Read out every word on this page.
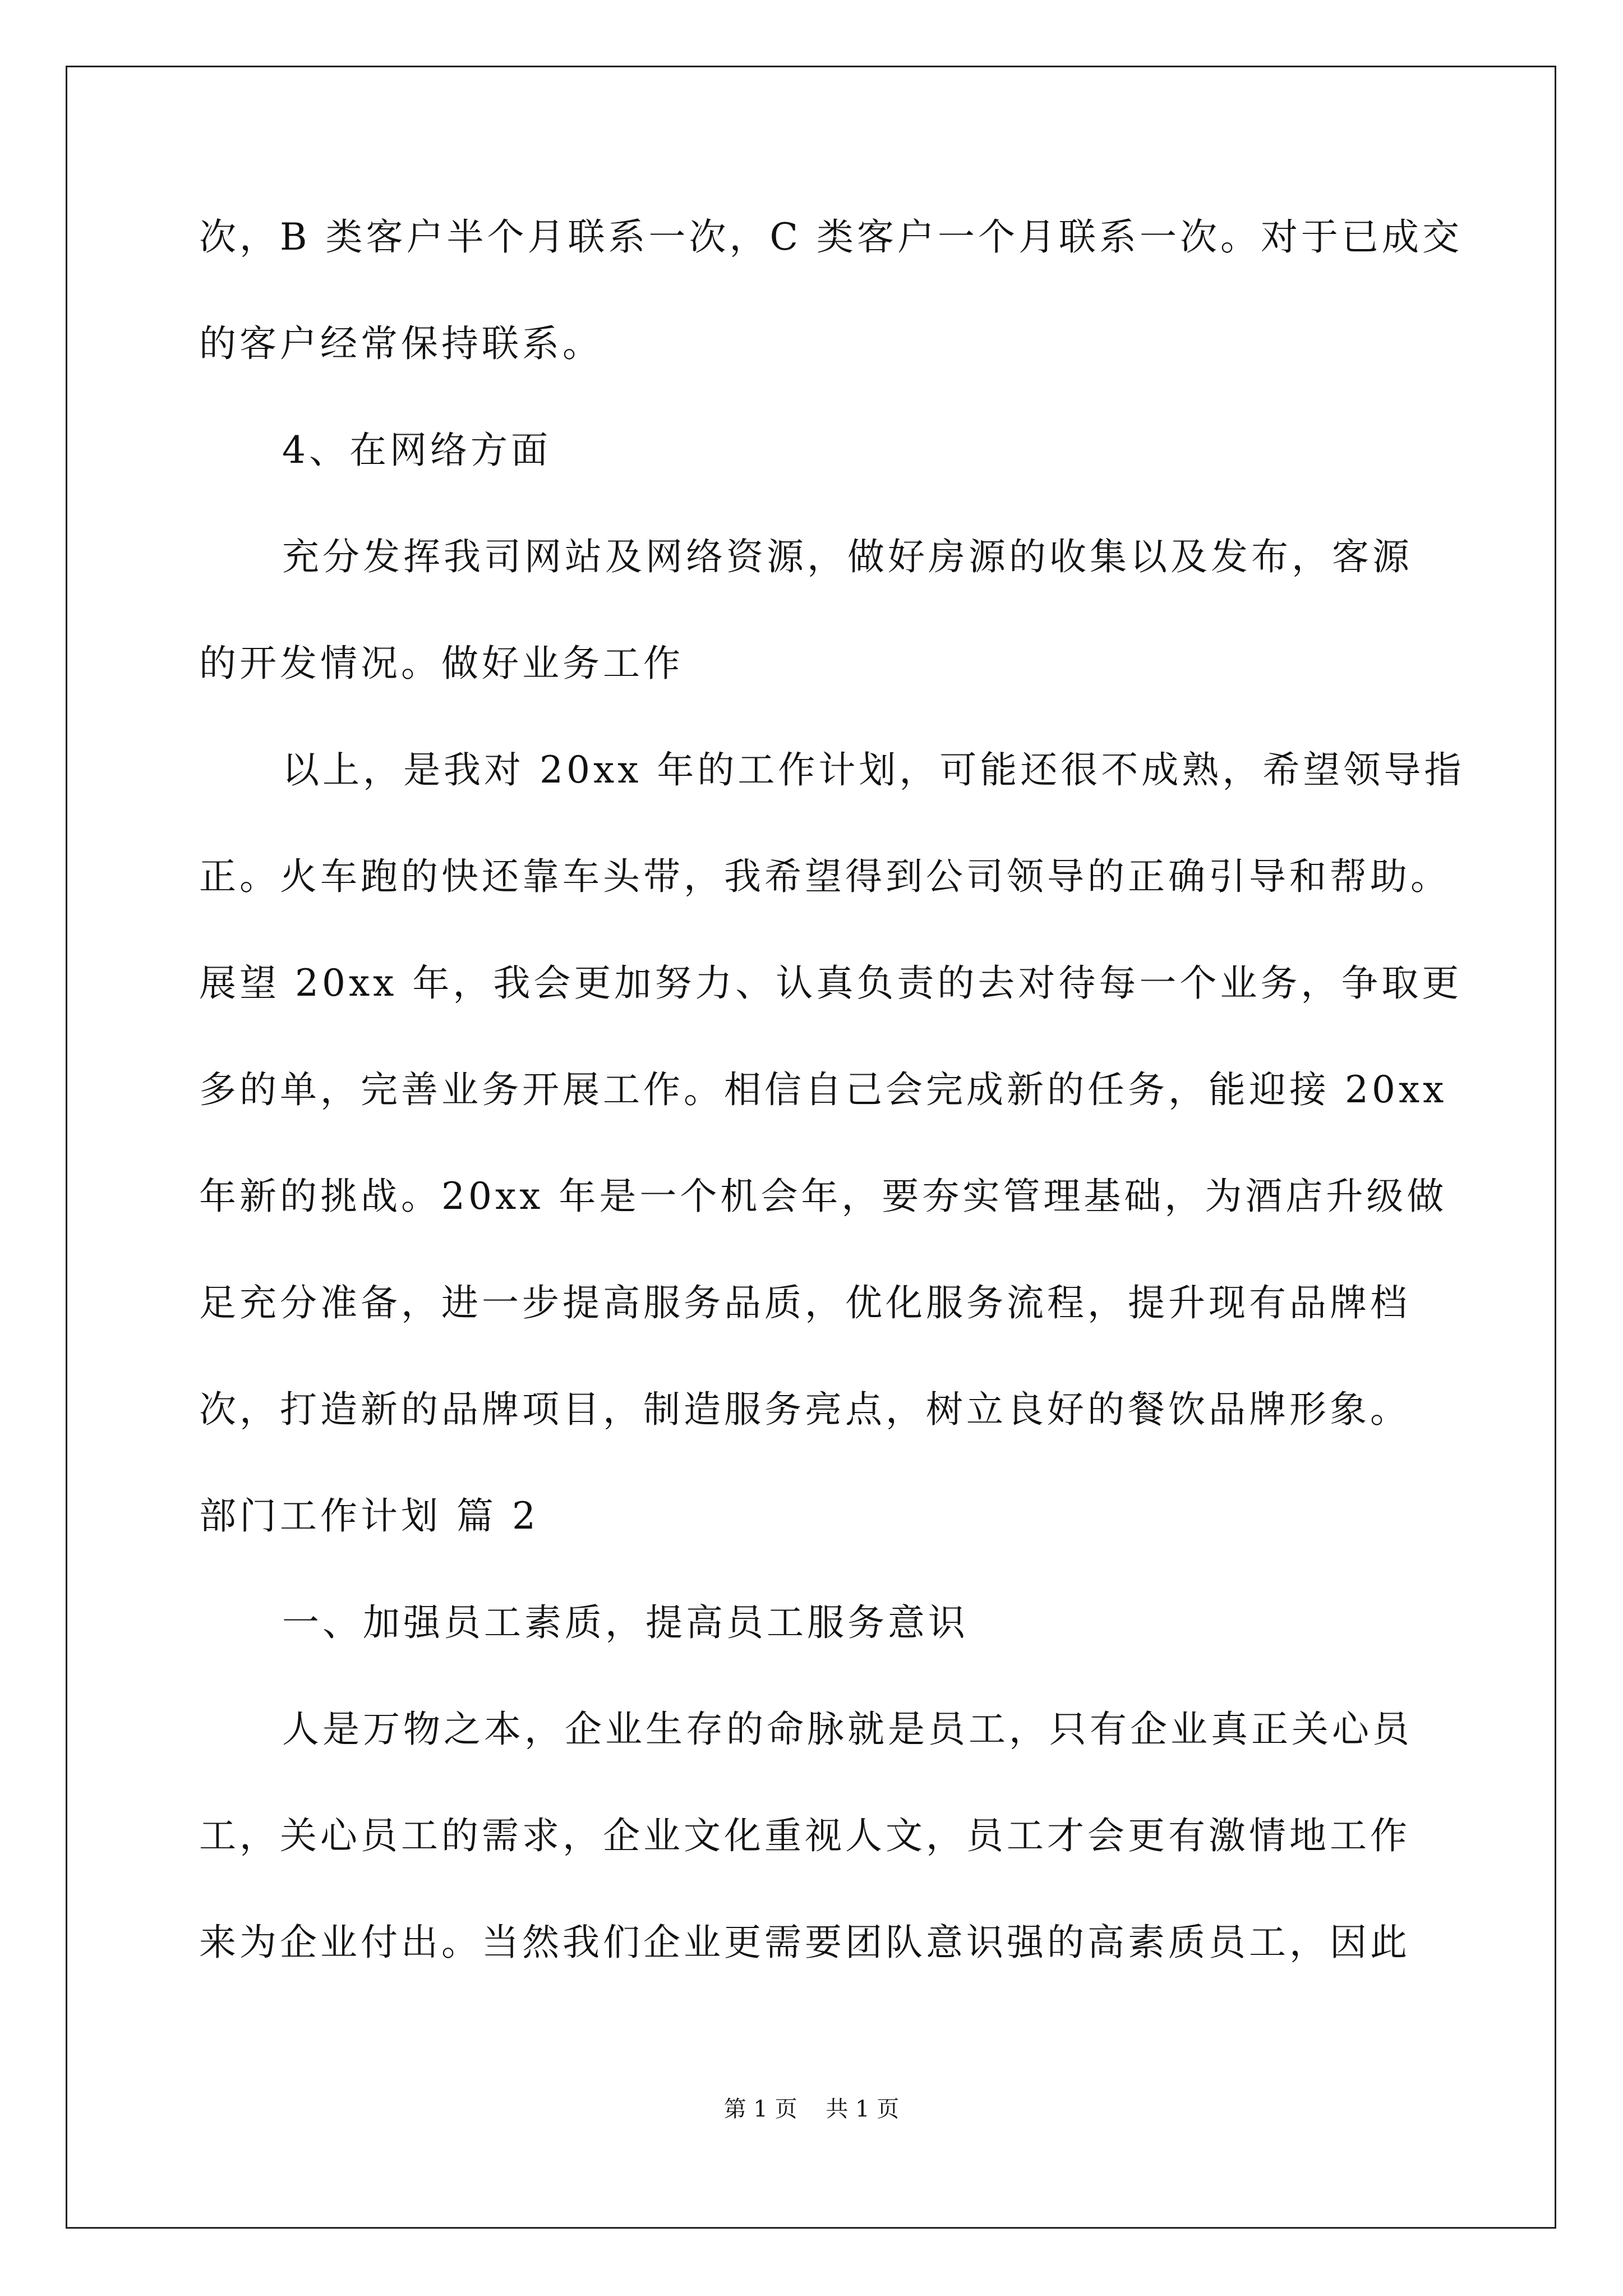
次，B 类客户半个月联系一次，C 类客户一个月联系一次。对于已成交
的客户经常保持联系。
4、在网络方面
充分发挥我司网站及网络资源，做好房源的收集以及发布，客源
的开发情况。做好业务工作
以上，是我对 20xx 年的工作计划，可能还很不成熟，希望领导指
正。火车跑的快还靠车头带，我希望得到公司领导的正确引导和帮助。
展望 20xx 年，我会更加努力、认真负责的去对待每一个业务，争取更
多的单，完善业务开展工作。相信自己会完成新的任务，能迎接 20xx
年新的挑战。20xx 年是一个机会年，要夯实管理基础，为酒店升级做
足充分准备，进一步提高服务品质，优化服务流程，提升现有品牌档
次，打造新的品牌项目，制造服务亮点，树立良好的餐饮品牌形象。
部门工作计划 篇 2
一、加强员工素质，提高员工服务意识
人是万物之本，企业生存的命脉就是员工，只有企业真正关心员
工，关心员工的需求，企业文化重视人文，员工才会更有激情地工作
来为企业付出。当然我们企业更需要团队意识强的高素质员工，因此
第 1 页    共 1 页
